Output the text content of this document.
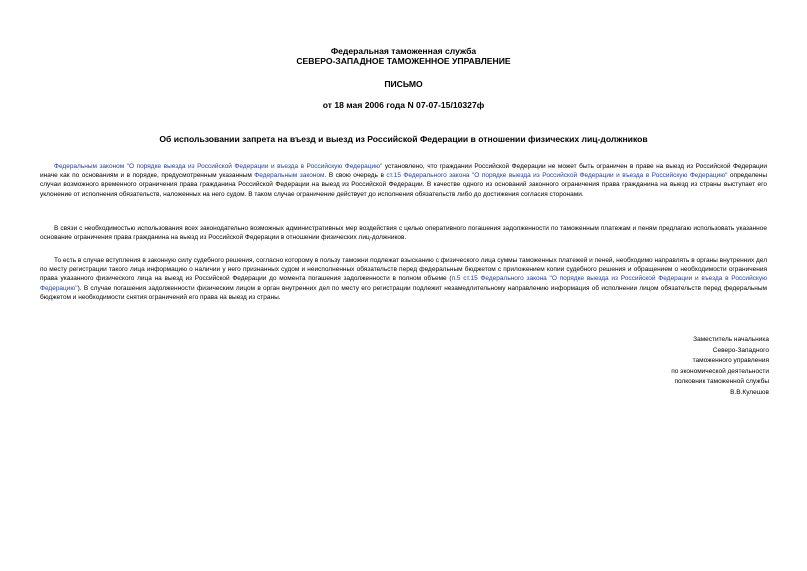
Федеральная таможенная служба
СЕВЕРО-ЗАПАДНОЕ ТАМОЖЕННОЕ УПРАВЛЕНИЕ
ПИСЬМО
от 18 мая 2006 года N 07-07-15/10327ф
Об использовании запрета на въезд и выезд из Российской Федерации в отношении физических лиц-должников

Федеральным законом "О порядке выезда из Российской Федерации и въезда в Российскую Федерацию" установлено, что граждании Российской Федерации не может быть ограничен в праве на выезд из Российской Федерации иначе как по основаниям и в порядке, предусмотренным указанным Федеральным законом. В свою очередь в ст.15 Федерального закона "О порядке выезда из Российской Федерации и въезда в Российскую Федерацию" определены случаи возможного временного ограничения права гражданина Российской Федерации на выезд из Российской Федерации. В качестве одного из оснований законного ограничения права гражданина на выезд из страны выступает его уклонение от исполнения обязательств, наложенных на него судом. В таком случае ограничение действует до исполнения обязательств либо до достижения согласия сторонами.

В связи с необходимостью использования всех законодательно возможных административных мер воздействия с целью оперативного погашения задолженности по таможенным платежам и пеням предлагаю использовать указанное основание ограничения права гражданина на выезд из Российской Федерации в отношении физических лиц-должников.

То есть в случае вступления в законную силу судебного решения, согласно которому в пользу таможни подлежат взысканию с физического лица суммы таможенных платежей и пеней, необходимо направлять в органы внутренних дел по месту регистрации такого лица информацию о наличии у него признанных судом и неисполненных обязательств перед федеральным бюджетом с приложением копии судебного решения и обращением о необходимости ограничения права указанного физического лица на выезд из Российской Федерации до момента погашения задолженности в полном объеме (п.5 ст.15 Федерального закона "О порядке выезда из Российской Федерации и въезда в Российскую Федерацию"). В случае погашения задолженности физическим лицом в орган внутренних дел по месту его регистрации подлежит незамедлительному направлению информация об исполнении лицом обязательств перед федеральным бюджетом и необходимости снятия ограничений его права на выезд из страны.

Заместитель начальника
Северо-Западного
таможенного управления
по экономической деятельности
полковник таможенной службы
В.В.Кулешов
